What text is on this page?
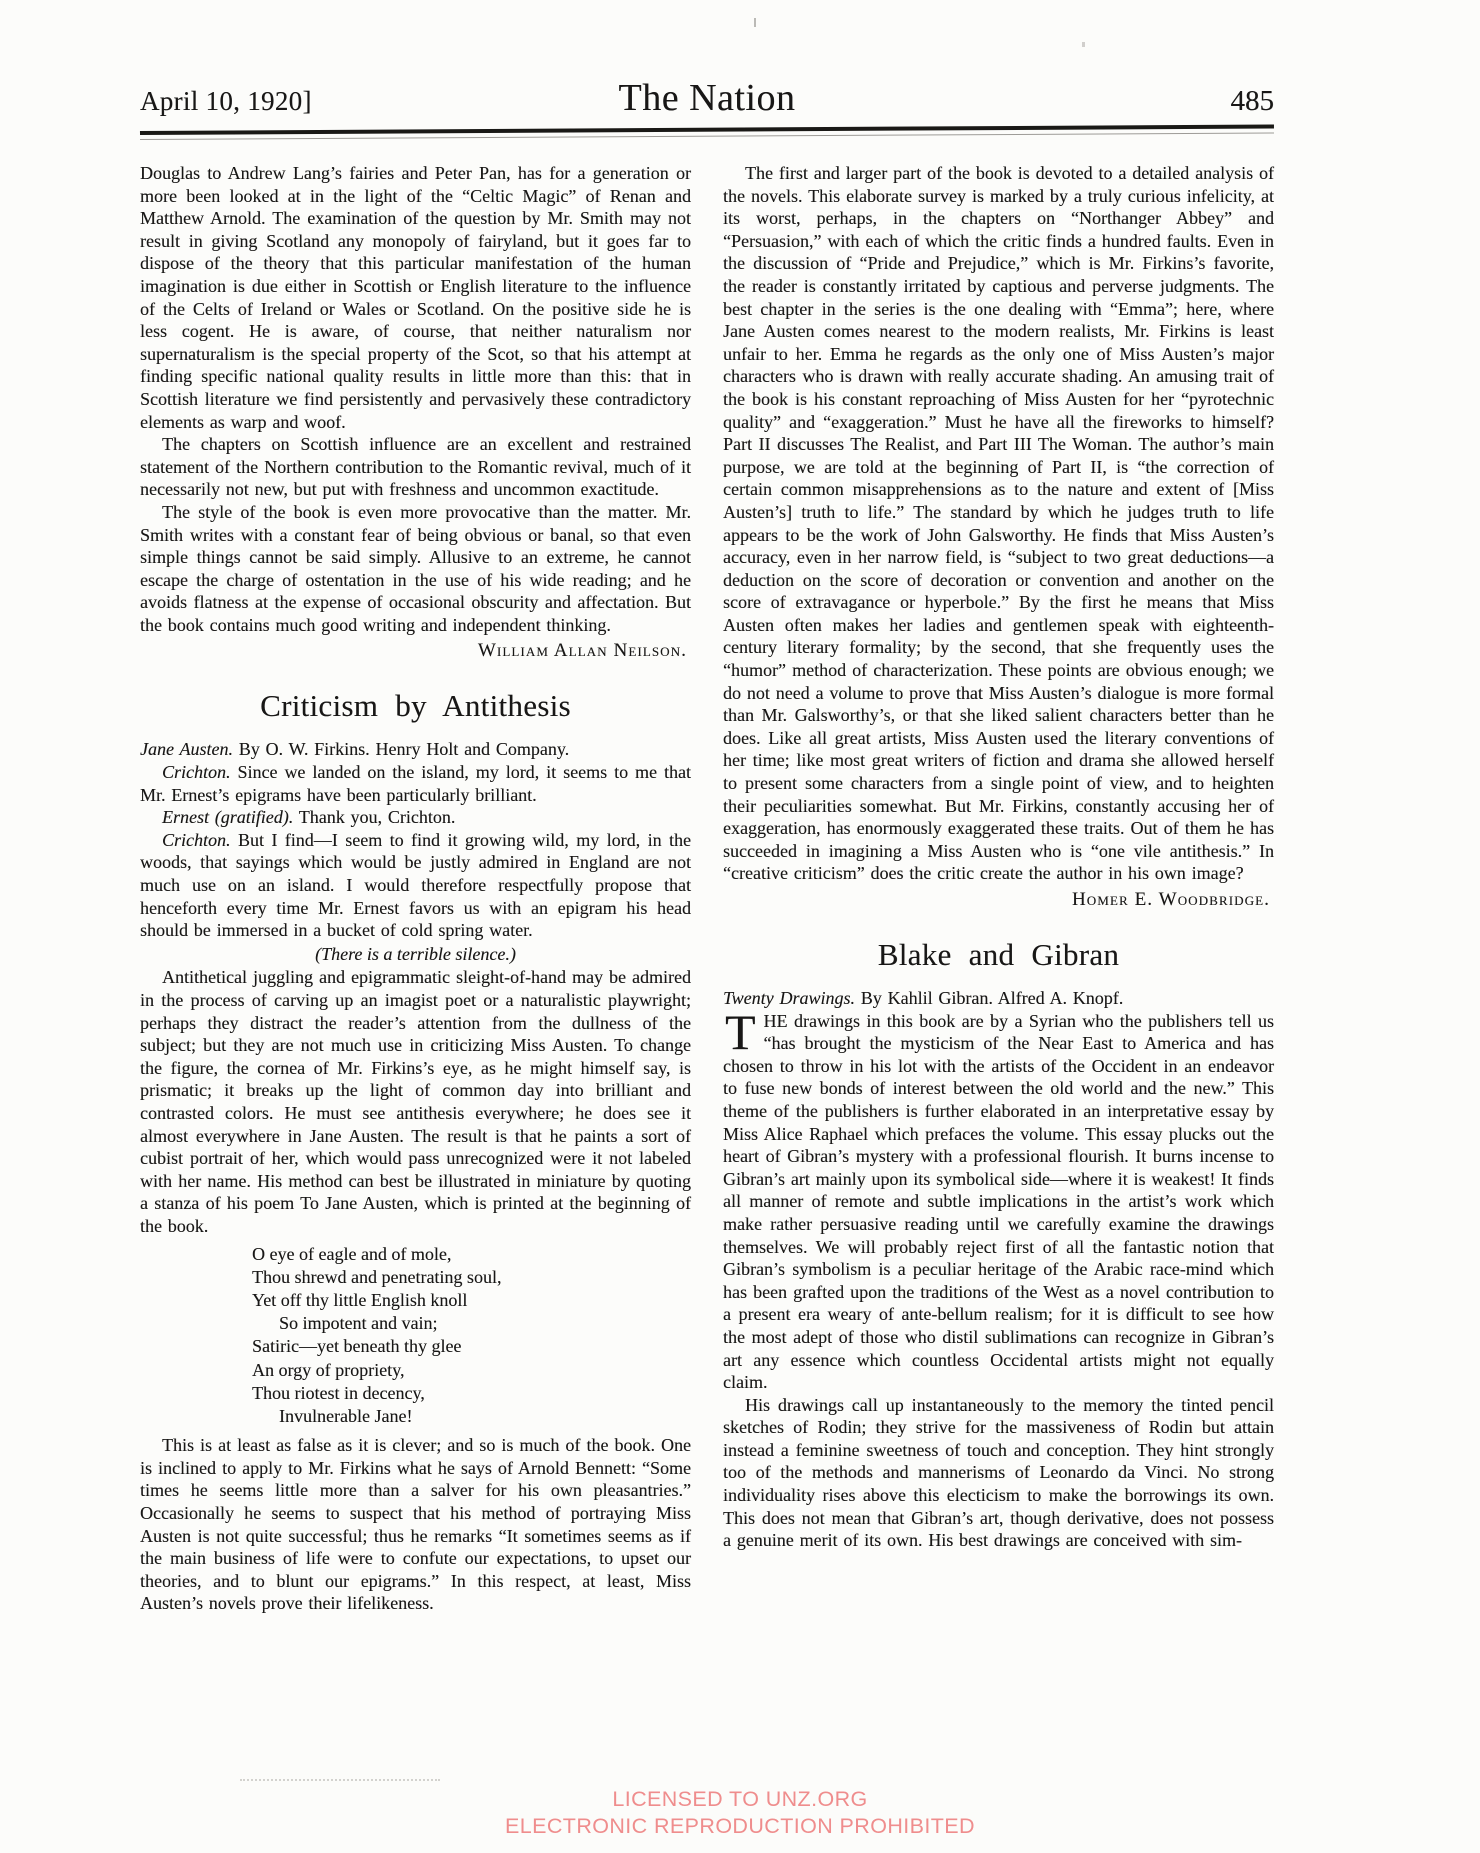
April 10, 1920]	The Nation	485

Douglas to Andrew Lang’s fairies and Peter Pan, has for a generation or more been looked at in the light of the “Celtic Magic” of Renan and Matthew Arnold. The examination of the question by Mr. Smith may not result in giving Scotland any monopoly of fairyland, but it goes far to dispose of the theory that this particular manifestation of the human imagination is due either in Scottish or English literature to the influence of the Celts of Ireland or Wales or Scotland. On the positive side he is less cogent. He is aware, of course, that neither naturalism nor supernaturalism is the special property of the Scot, so that his attempt at finding specific national quality results in little more than this: that in Scottish literature we find persistently and pervasively these contradictory elements as warp and woof.

The chapters on Scottish influence are an excellent and restrained statement of the Northern contribution to the Romantic revival, much of it necessarily not new, but put with freshness and uncommon exactitude.

The style of the book is even more provocative than the matter. Mr. Smith writes with a constant fear of being obvious or banal, so that even simple things cannot be said simply. Allusive to an extreme, he cannot escape the charge of ostentation in the use of his wide reading; and he avoids flatness at the expense of occasional obscurity and affectation. But the book contains much good writing and independent thinking.

William Allan Neilson.
Criticism by Antithesis

Jane Austen. By O. W. Firkins. Henry Holt and Company.

Crichton. Since we landed on the island, my lord, it seems to me that Mr. Ernest’s epigrams have been particularly brilliant.

Ernest (gratified). Thank you, Crichton.

Crichton. But I find—I seem to find it growing wild, my lord, in the woods, that sayings which would be justly admired in England are not much use on an island. I would therefore respectfully propose that henceforth every time Mr. Ernest favors us with an epigram his head should be immersed in a bucket of cold spring water.

(There is a terrible silence.)

Antithetical juggling and epigrammatic sleight-of-hand may be admired in the process of carving up an imagist poet or a naturalistic playwright; perhaps they distract the reader’s attention from the dullness of the subject; but they are not much use in criticizing Miss Austen. To change the figure, the cornea of Mr. Firkins’s eye, as he might himself say, is prismatic; it breaks up the light of common day into brilliant and contrasted colors. He must see antithesis everywhere; he does see it almost everywhere in Jane Austen. The result is that he paints a sort of cubist portrait of her, which would pass unrecognized were it not labeled with her name. His method can best be illustrated in miniature by quoting a stanza of his poem To Jane Austen, which is printed at the beginning of the book.

O eye of eagle and of mole,
Thou shrewd and penetrating soul,
Yet off thy little English knoll
So impotent and vain;
Satiric—yet beneath thy glee
An orgy of propriety,
Thou riotest in decency,
Invulnerable Jane!

This is at least as false as it is clever; and so is much of the book. One is inclined to apply to Mr. Firkins what he says of Arnold Bennett: “Some times he seems little more than a salver for his own pleasantries.” Occasionally he seems to suspect that his method of portraying Miss Austen is not quite successful; thus he remarks “It sometimes seems as if the main business of life were to confute our expectations, to upset our theories, and to blunt our epigrams.” In this respect, at least, Miss Austen’s novels prove their lifelikeness.

The first and larger part of the book is devoted to a detailed analysis of the novels. This elaborate survey is marked by a truly curious infelicity, at its worst, perhaps, in the chapters on “Northanger Abbey” and “Persuasion,” with each of which the critic finds a hundred faults. Even in the discussion of “Pride and Prejudice,” which is Mr. Firkins’s favorite, the reader is constantly irritated by captious and perverse judgments. The best chapter in the series is the one dealing with “Emma”; here, where Jane Austen comes nearest to the modern realists, Mr. Firkins is least unfair to her. Emma he regards as the only one of Miss Austen’s major characters who is drawn with really accurate shading. An amusing trait of the book is his constant reproaching of Miss Austen for her “pyrotechnic quality” and “exaggeration.” Must he have all the fireworks to himself? Part II discusses The Realist, and Part III The Woman. The author’s main purpose, we are told at the beginning of Part II, is “the correction of certain common misapprehensions as to the nature and extent of [Miss Austen’s] truth to life.” The standard by which he judges truth to life appears to be the work of John Galsworthy. He finds that Miss Austen’s accuracy, even in her narrow field, is “subject to two great deductions—a deduction on the score of decoration or convention and another on the score of extravagance or hyperbole.” By the first he means that Miss Austen often makes her ladies and gentlemen speak with eighteenth-century literary formality; by the second, that she frequently uses the “humor” method of characterization. These points are obvious enough; we do not need a volume to prove that Miss Austen’s dialogue is more formal than Mr. Galsworthy’s, or that she liked salient characters better than he does. Like all great artists, Miss Austen used the literary conventions of her time; like most great writers of fiction and drama she allowed herself to present some characters from a single point of view, and to heighten their peculiarities somewhat. But Mr. Firkins, constantly accusing her of exaggeration, has enormously exaggerated these traits. Out of them he has succeeded in imagining a Miss Austen who is “one vile antithesis.” In “creative criticism” does the critic create the author in his own image?

Homer E. Woodbridge.
Blake and Gibran

Twenty Drawings. By Kahlil Gibran. Alfred A. Knopf.

THE drawings in this book are by a Syrian who the publishers tell us “has brought the mysticism of the Near East to America and has chosen to throw in his lot with the artists of the Occident in an endeavor to fuse new bonds of interest between the old world and the new.” This theme of the publishers is further elaborated in an interpretative essay by Miss Alice Raphael which prefaces the volume. This essay plucks out the heart of Gibran’s mystery with a professional flourish. It burns incense to Gibran’s art mainly upon its symbolical side—where it is weakest! It finds all manner of remote and subtle implications in the artist’s work which make rather persuasive reading until we carefully examine the drawings themselves. We will probably reject first of all the fantastic notion that Gibran’s symbolism is a peculiar heritage of the Arabic race-mind which has been grafted upon the traditions of the West as a novel contribution to a present era weary of ante-bellum realism; for it is difficult to see how the most adept of those who distil sublimations can recognize in Gibran’s art any essence which countless Occidental artists might not equally claim.

His drawings call up instantaneously to the memory the tinted pencil sketches of Rodin; they strive for the massiveness of Rodin but attain instead a feminine sweetness of touch and conception. They hint strongly too of the methods and mannerisms of Leonardo da Vinci. No strong individuality rises above this electicism to make the borrowings its own. This does not mean that Gibran’s art, though derivative, does not possess a genuine merit of its own. His best drawings are conceived with sim-

LICENSED TO UNZ.ORG
ELECTRONIC REPRODUCTION PROHIBITED
